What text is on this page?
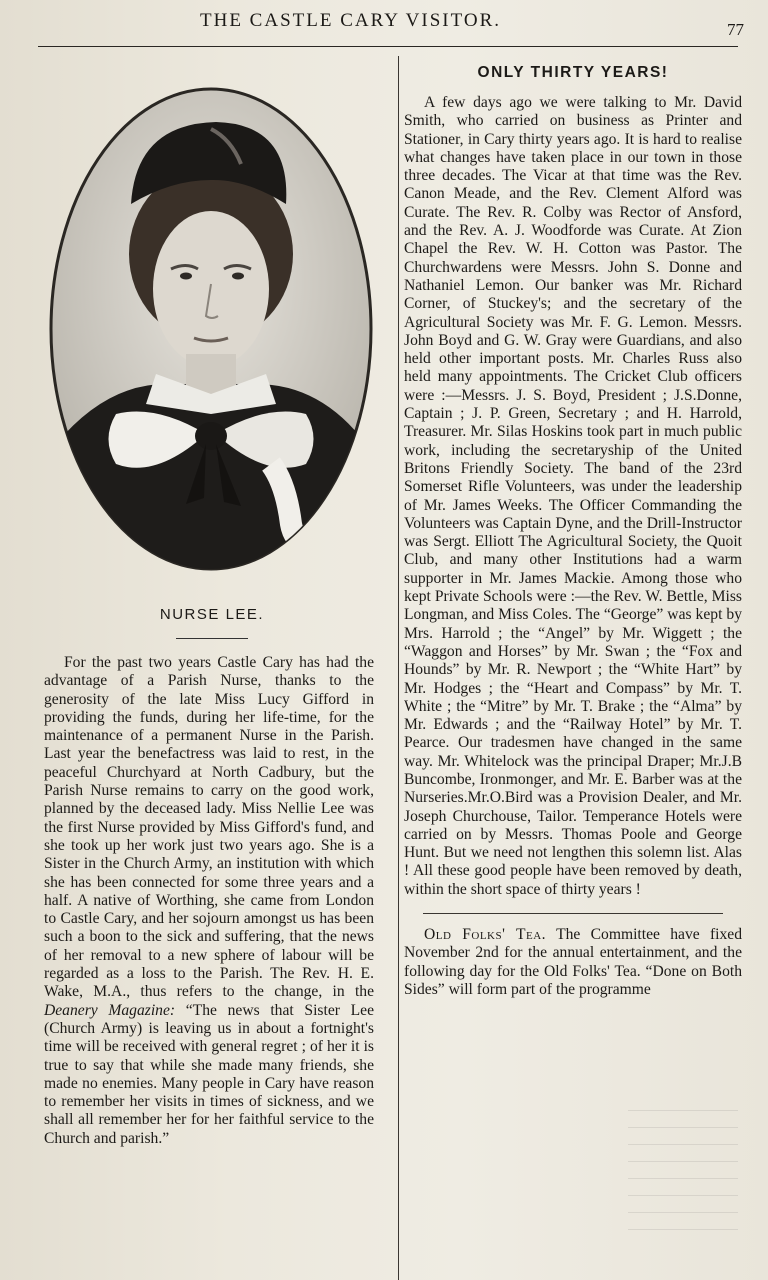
THE CASTLE CARY VISITOR.	77
NURSE LEE.

For the past two years Castle Cary has had the advantage of a Parish Nurse, thanks to the generosity of the late Miss Lucy Gifford in providing the funds, during her life-time, for the maintenance of a permanent Nurse in the Parish. Last year the benefactress was laid to rest, in the peaceful Churchyard at North Cadbury, but the Parish Nurse remains to carry on the good work, planned by the deceased lady. Miss Nellie Lee was the first Nurse provided by Miss Gifford's fund, and she took up her work just two years ago. She is a Sister in the Church Army, an institution with which she has been connected for some three years and a half. A native of Worthing, she came from London to Castle Cary, and her sojourn amongst us has been such a boon to the sick and suffering, that the news of her removal to a new sphere of labour will be regarded as a loss to the Parish. The Rev. H. E. Wake, M.A., thus refers to the change, in the Deanery Magazine: “The news that Sister Lee (Church Army) is leaving us in about a fortnight's time will be received with general regret ; of her it is true to say that while she made many friends, she made no enemies. Many people in Cary have reason to remember her visits in times of sickness, and we shall all remember her for her faithful service to the Church and parish.”

ONLY THIRTY YEARS!

A few days ago we were talking to Mr. David Smith, who carried on business as Printer and Stationer, in Cary thirty years ago. It is hard to realise what changes have taken place in our town in those three decades. The Vicar at that time was the Rev. Canon Meade, and the Rev. Clement Alford was Curate. The Rev. R. Colby was Rector of Ansford, and the Rev. A. J. Woodforde was Curate. At Zion Chapel the Rev. W. H. Cotton was Pastor. The Churchwardens were Messrs. John S. Donne and Nathaniel Lemon. Our banker was Mr. Richard Corner, of Stuckey's; and the secretary of the Agricultural Society was Mr. F. G. Lemon. Messrs. John Boyd and G. W. Gray were Guardians, and also held other important posts. Mr. Charles Russ also held many appointments. The Cricket Club officers were :—Messrs. J. S. Boyd, President ; J.S.Donne, Captain ; J. P. Green, Secretary ; and H. Harrold, Treasurer. Mr. Silas Hoskins took part in much public work, including the secretaryship of the United Britons Friendly Society. The band of the 23rd Somerset Rifle Volunteers, was under the leadership of Mr. James Weeks. The Officer Commanding the Volunteers was Captain Dyne, and the Drill-Instructor was Sergt. Elliott The Agricultural Society, the Quoit Club, and many other Institutions had a warm supporter in Mr. James Mackie. Among those who kept Private Schools were :—the Rev. W. Bettle, Miss Longman, and Miss Coles. The “George” was kept by Mrs. Harrold ; the “Angel” by Mr. Wiggett ; the “Waggon and Horses” by Mr. Swan ; the “Fox and Hounds” by Mr. R. Newport ; the “White Hart” by Mr. Hodges ; the “Heart and Compass” by Mr. T. White ; the “Mitre” by Mr. T. Brake ; the “Alma” by Mr. Edwards ; and the “Railway Hotel” by Mr. T. Pearce. Our tradesmen have changed in the same way. Mr. Whitelock was the principal Draper; Mr.J.B Buncombe, Ironmonger, and Mr. E. Barber was at the Nurseries.Mr.O.Bird was a Provision Dealer, and Mr. Joseph Churchouse, Tailor. Temperance Hotels were carried on by Messrs. Thomas Poole and George Hunt. But we need not lengthen this solemn list. Alas ! All these good people have been removed by death, within the short space of thirty years !

Old Folks' Tea. The Committee have fixed November 2nd for the annual entertainment, and the following day for the Old Folks' Tea. “Done on Both Sides” will form part of the programme
